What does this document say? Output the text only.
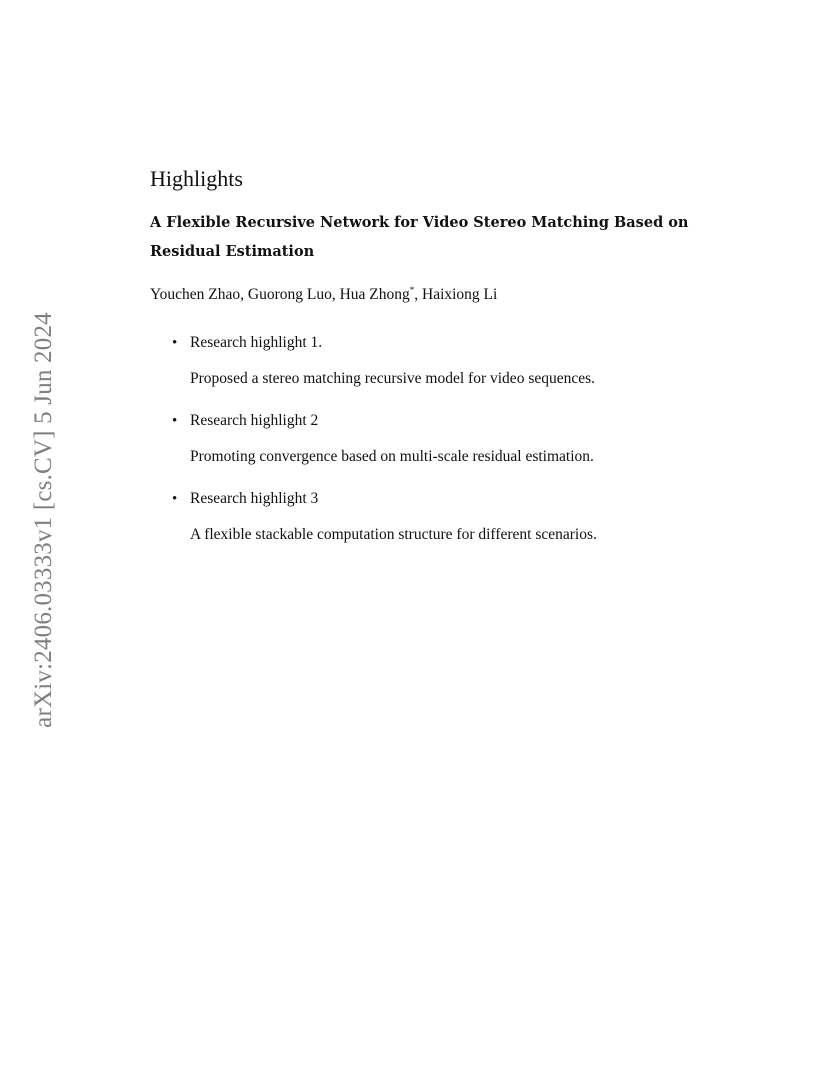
arXiv:2406.03333v1 [cs.CV] 5 Jun 2024
Highlights
A Flexible Recursive Network for Video Stereo Matching Based on Residual Estimation
Youchen Zhao, Guorong Luo, Hua Zhong*, Haixiong Li
• Research highlight 1.
Proposed a stereo matching recursive model for video sequences.
• Research highlight 2
Promoting convergence based on multi-scale residual estimation.
• Research highlight 3
A flexible stackable computation structure for different scenarios.
